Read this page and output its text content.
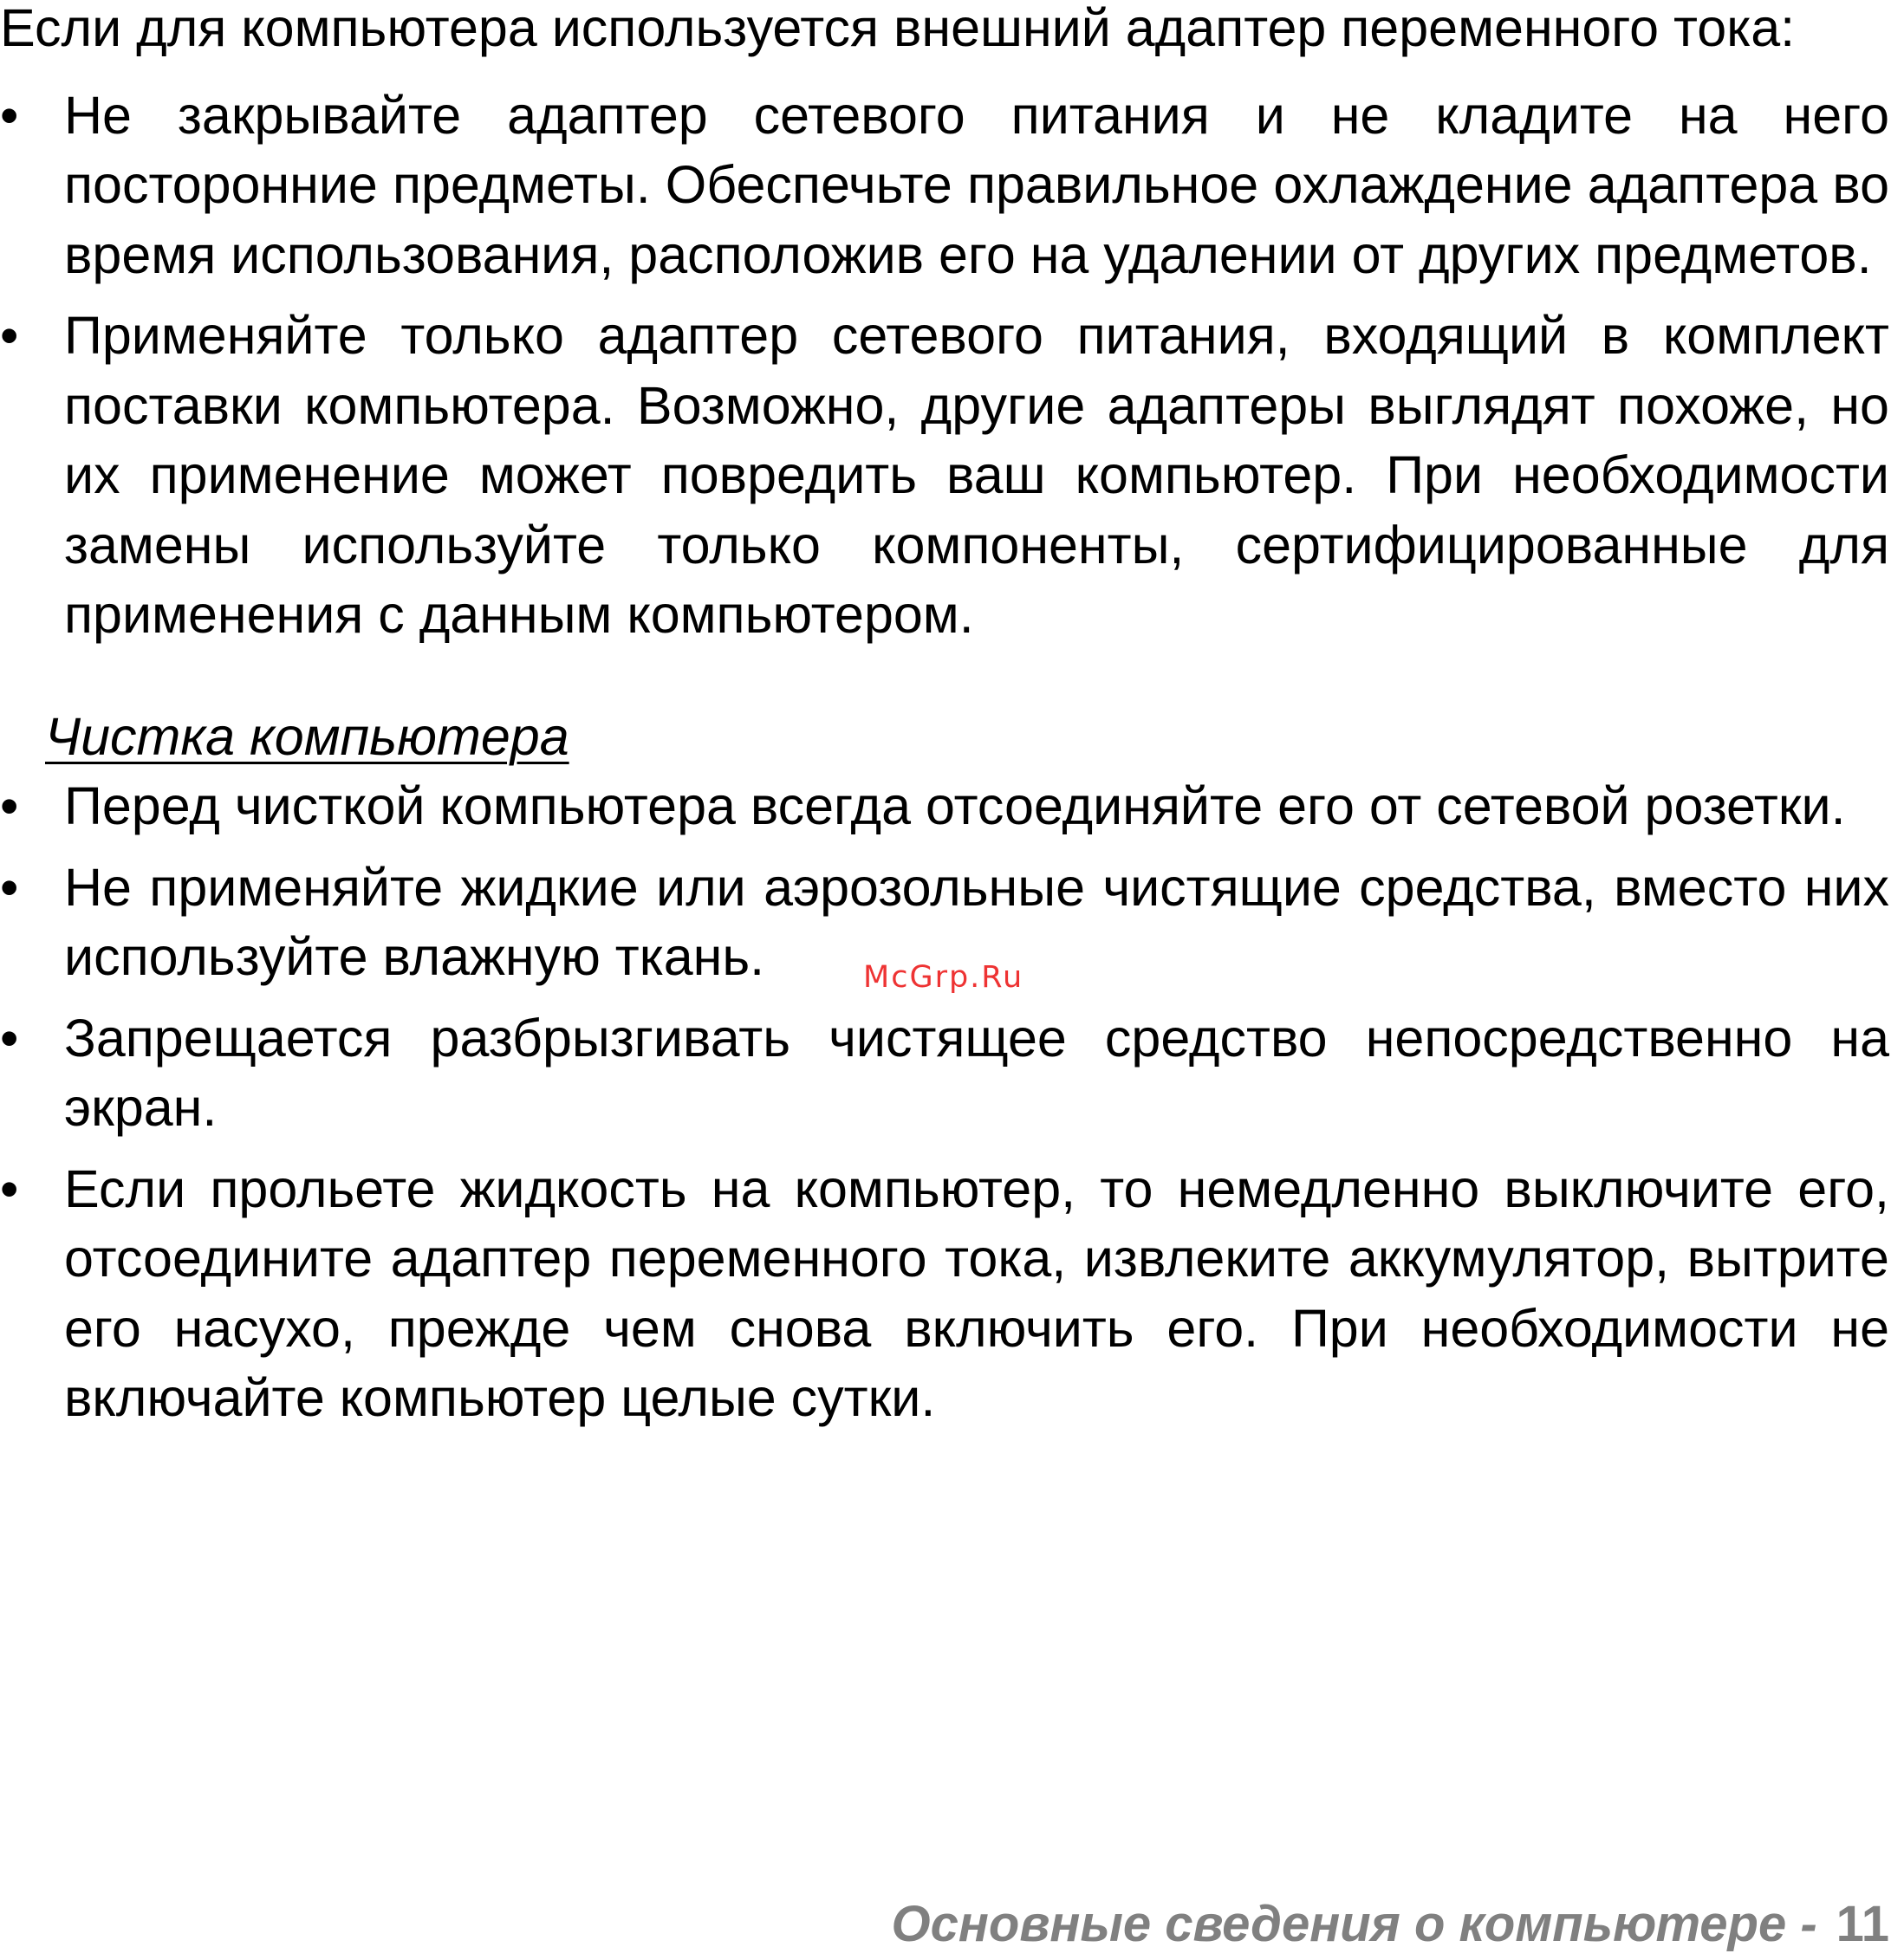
Если для компьютера используется внешний адаптер переменного тока:

• Не закрывайте адаптер сетевого питания и не кладите на него посторонние предметы. Обеспечьте правильное охлаждение адаптера во время использования, расположив его на удалении от других предметов.
• Применяйте только адаптер сетевого питания, входящий в комплект поставки компьютера. Возможно, другие адаптеры выглядят похоже, но их применение может повредить ваш компьютер. При необходимости замены используйте только компоненты, сертифицированные для применения с данным компьютером.
Чистка компьютера
• Перед чисткой компьютера всегда отсоединяйте его от сетевой розетки.
• Не применяйте жидкие или аэрозольные чистящие средства, вместо них используйте влажную ткань.
• Запрещается разбрызгивать чистящее средство непосредственно на экран.
• Если прольете жидкость на компьютер, то немедленно выключите его, отсоедините адаптер переменного тока, извлеките аккумулятор, вытрите его насухо, прежде чем снова включить его. При необходимости не включайте компьютер целые сутки.
McGrp.Ru
Основные сведения о компьютере - 11
